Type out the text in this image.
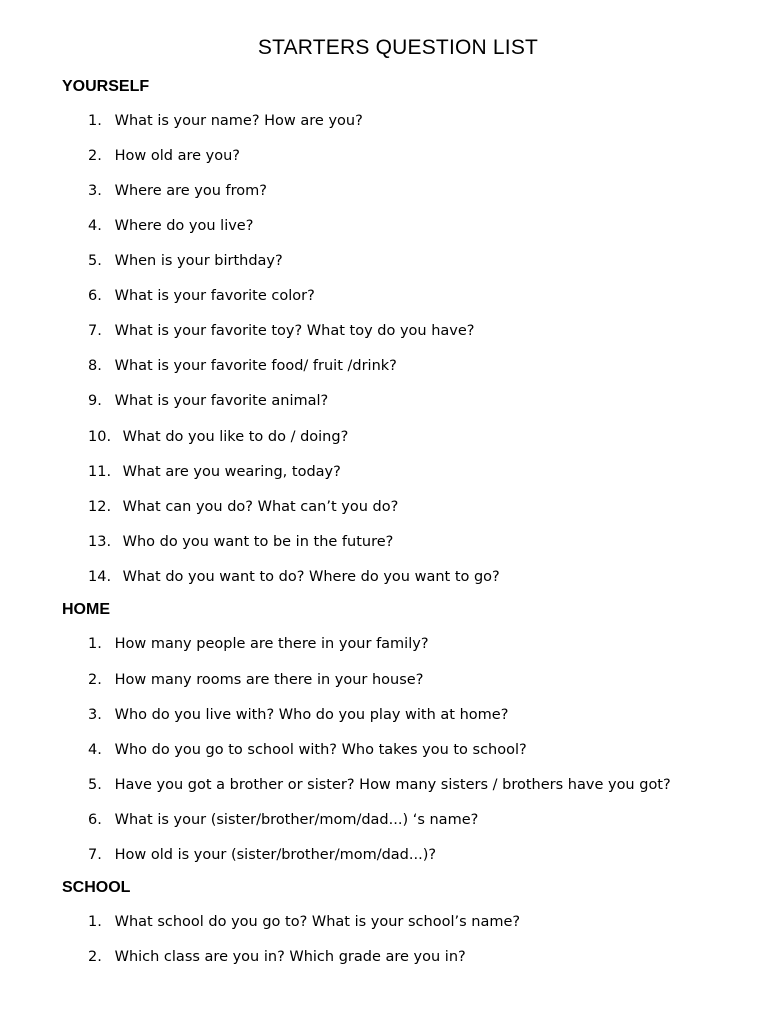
STARTERS QUESTION LIST
YOURSELF
1. What is your name? How are you?
2. How old are you?
3. Where are you from?
4. Where do you live?
5. When is your birthday?
6. What is your favorite color?
7. What is your favorite toy? What toy do you have?
8. What is your favorite food/ fruit /drink?
9. What is your favorite animal?
10. What do you like to do / doing?
11. What are you wearing, today?
12. What can you do? What can’t you do?
13. Who do you want to be in the future?
14. What do you want to do? Where do you want to go?
HOME
1. How many people are there in your family?
2. How many rooms are there in your house?
3. Who do you live with? Who do you play with at home?
4. Who do you go to school with? Who takes you to school?
5. Have you got a brother or sister? How many sisters / brothers have you got?
6. What is your (sister/brother/mom/dad...) ‘s name?
7. How old is your (sister/brother/mom/dad...)?
SCHOOL
1. What school do you go to? What is your school’s name?
2. Which class are you in? Which grade are you in?
